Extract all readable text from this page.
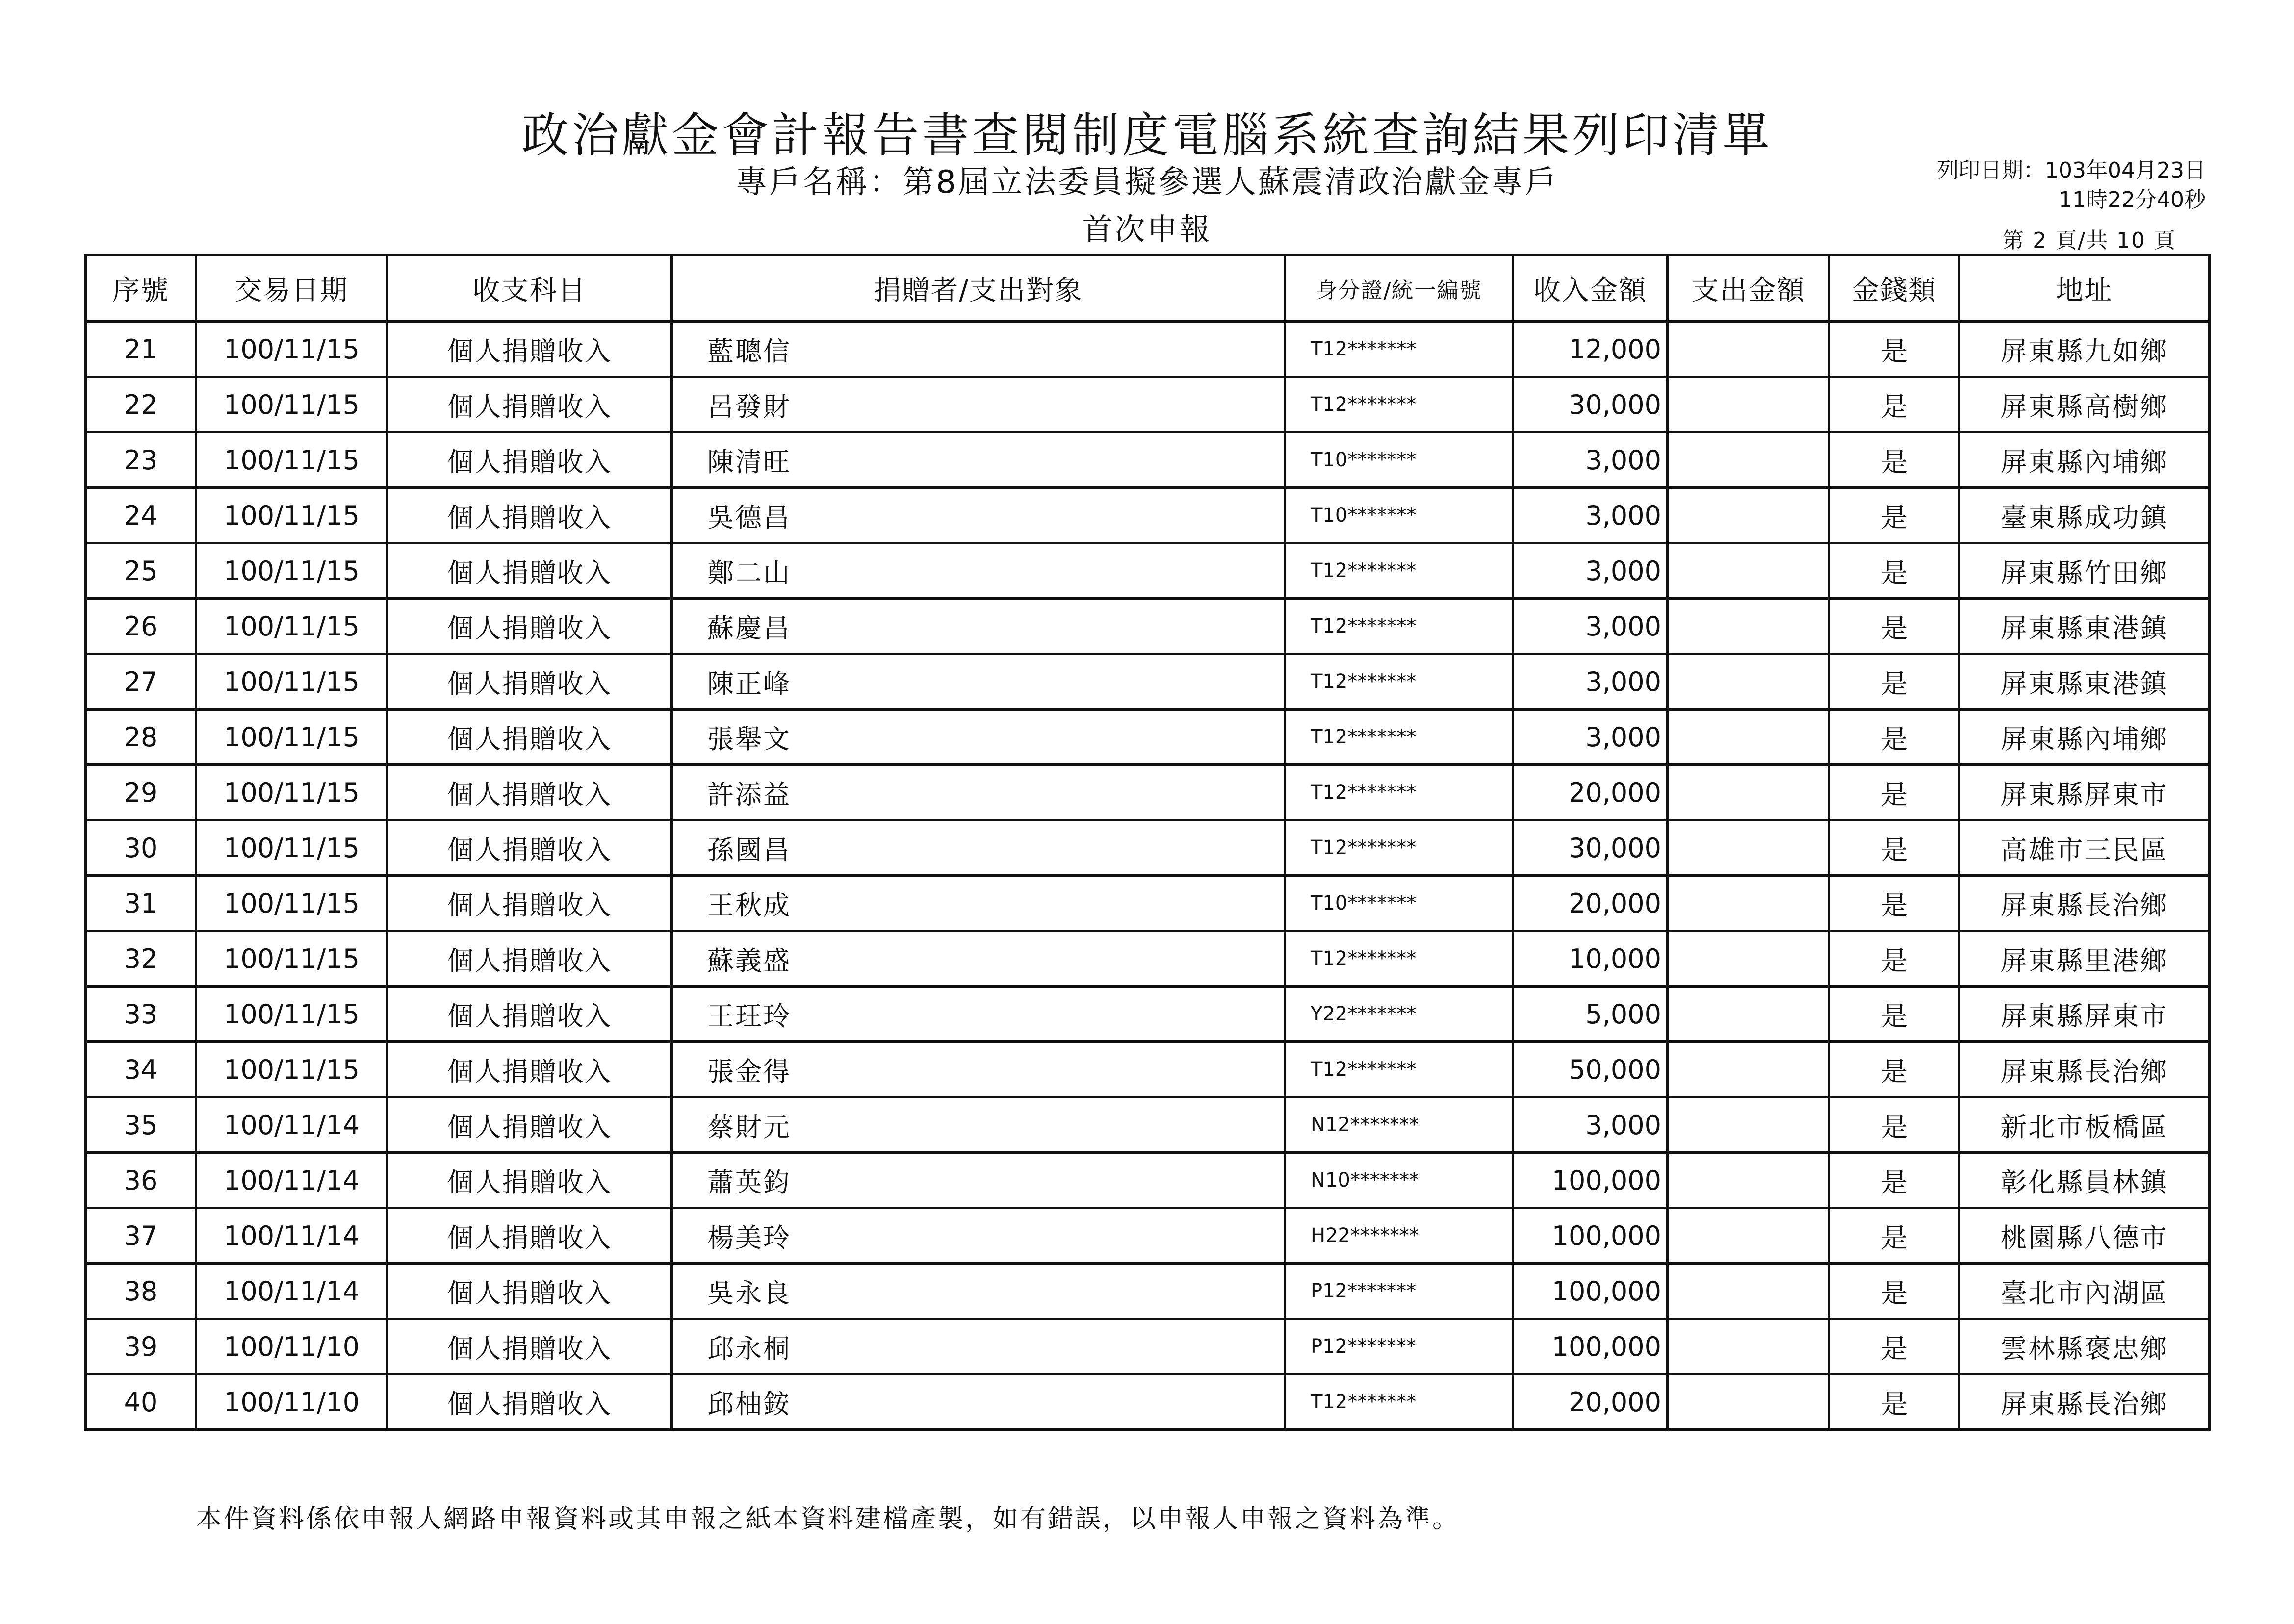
政治獻金會計報告書查閱制度電腦系統查詢結果列印清單
專戶名稱：第8屆立法委員擬參選人蘇震清政治獻金專戶
首次申報
列印日期：103年04月23日
11時22分40秒
第 2 頁/共 10 頁
序號	交易日期	收支科目	捐贈者/支出對象	身分證/統一編號	收入金額	支出金額	金錢類	地址
21	100/11/15	個人捐贈收入	藍聰信	T12*******	12,000		是	屏東縣九如鄉
22	100/11/15	個人捐贈收入	呂發財	T12*******	30,000		是	屏東縣高樹鄉
23	100/11/15	個人捐贈收入	陳清旺	T10*******	3,000		是	屏東縣內埔鄉
24	100/11/15	個人捐贈收入	吳德昌	T10*******	3,000		是	臺東縣成功鎮
25	100/11/15	個人捐贈收入	鄭二山	T12*******	3,000		是	屏東縣竹田鄉
26	100/11/15	個人捐贈收入	蘇慶昌	T12*******	3,000		是	屏東縣東港鎮
27	100/11/15	個人捐贈收入	陳正峰	T12*******	3,000		是	屏東縣東港鎮
28	100/11/15	個人捐贈收入	張舉文	T12*******	3,000		是	屏東縣內埔鄉
29	100/11/15	個人捐贈收入	許添益	T12*******	20,000		是	屏東縣屏東市
30	100/11/15	個人捐贈收入	孫國昌	T12*******	30,000		是	高雄市三民區
31	100/11/15	個人捐贈收入	王秋成	T10*******	20,000		是	屏東縣長治鄉
32	100/11/15	個人捐贈收入	蘇義盛	T12*******	10,000		是	屏東縣里港鄉
33	100/11/15	個人捐贈收入	王玨玲	Y22*******	5,000		是	屏東縣屏東市
34	100/11/15	個人捐贈收入	張金得	T12*******	50,000		是	屏東縣長治鄉
35	100/11/14	個人捐贈收入	蔡財元	N12*******	3,000		是	新北市板橋區
36	100/11/14	個人捐贈收入	蕭英鈞	N10*******	100,000		是	彰化縣員林鎮
37	100/11/14	個人捐贈收入	楊美玲	H22*******	100,000		是	桃園縣八德市
38	100/11/14	個人捐贈收入	吳永良	P12*******	100,000		是	臺北市內湖區
39	100/11/10	個人捐贈收入	邱永桐	P12*******	100,000		是	雲林縣褒忠鄉
40	100/11/10	個人捐贈收入	邱柚銨	T12*******	20,000		是	屏東縣長治鄉
本件資料係依申報人網路申報資料或其申報之紙本資料建檔產製，如有錯誤，以申報人申報之資料為準。
